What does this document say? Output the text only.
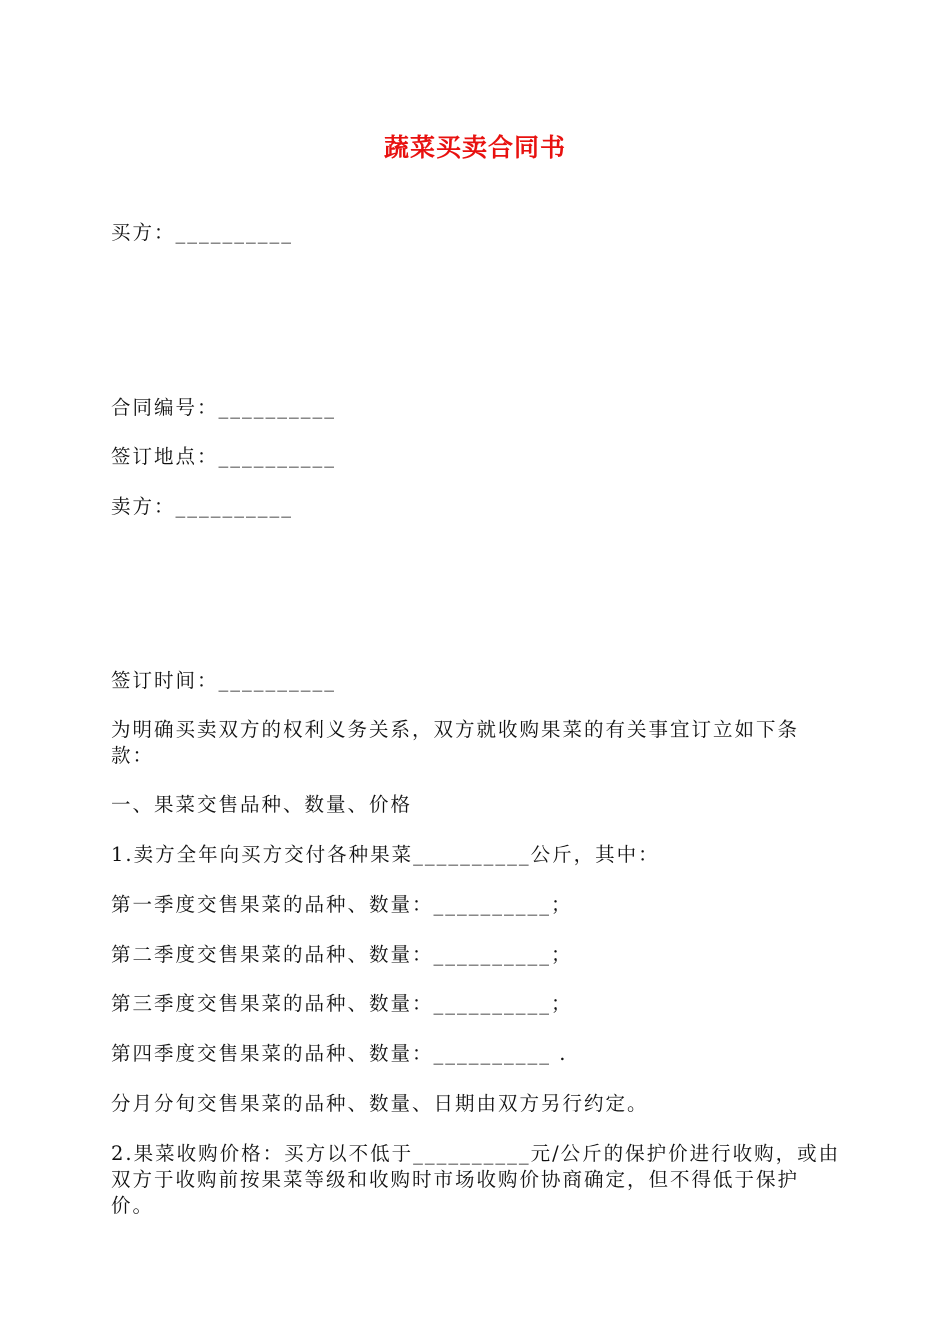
蔬菜买卖合同书
买方：__________
合同编号：__________
签订地点：__________
卖方：__________
签订时间：__________
为明确买卖双方的权利义务关系，双方就收购果菜的有关事宜订立如下条款：
一、果菜交售品种、数量、价格
1.卖方全年向买方交付各种果菜__________公斤，其中：
第一季度交售果菜的品种、数量：__________；
第二季度交售果菜的品种、数量：__________；
第三季度交售果菜的品种、数量：__________；
第四季度交售果菜的品种、数量：__________ .
分月分旬交售果菜的品种、数量、日期由双方另行约定。
2.果菜收购价格：买方以不低于__________元/公斤的保护价进行收购，或由双方于收购前按果菜等级和收购时市场收购价协商确定，但不得低于保护价。
